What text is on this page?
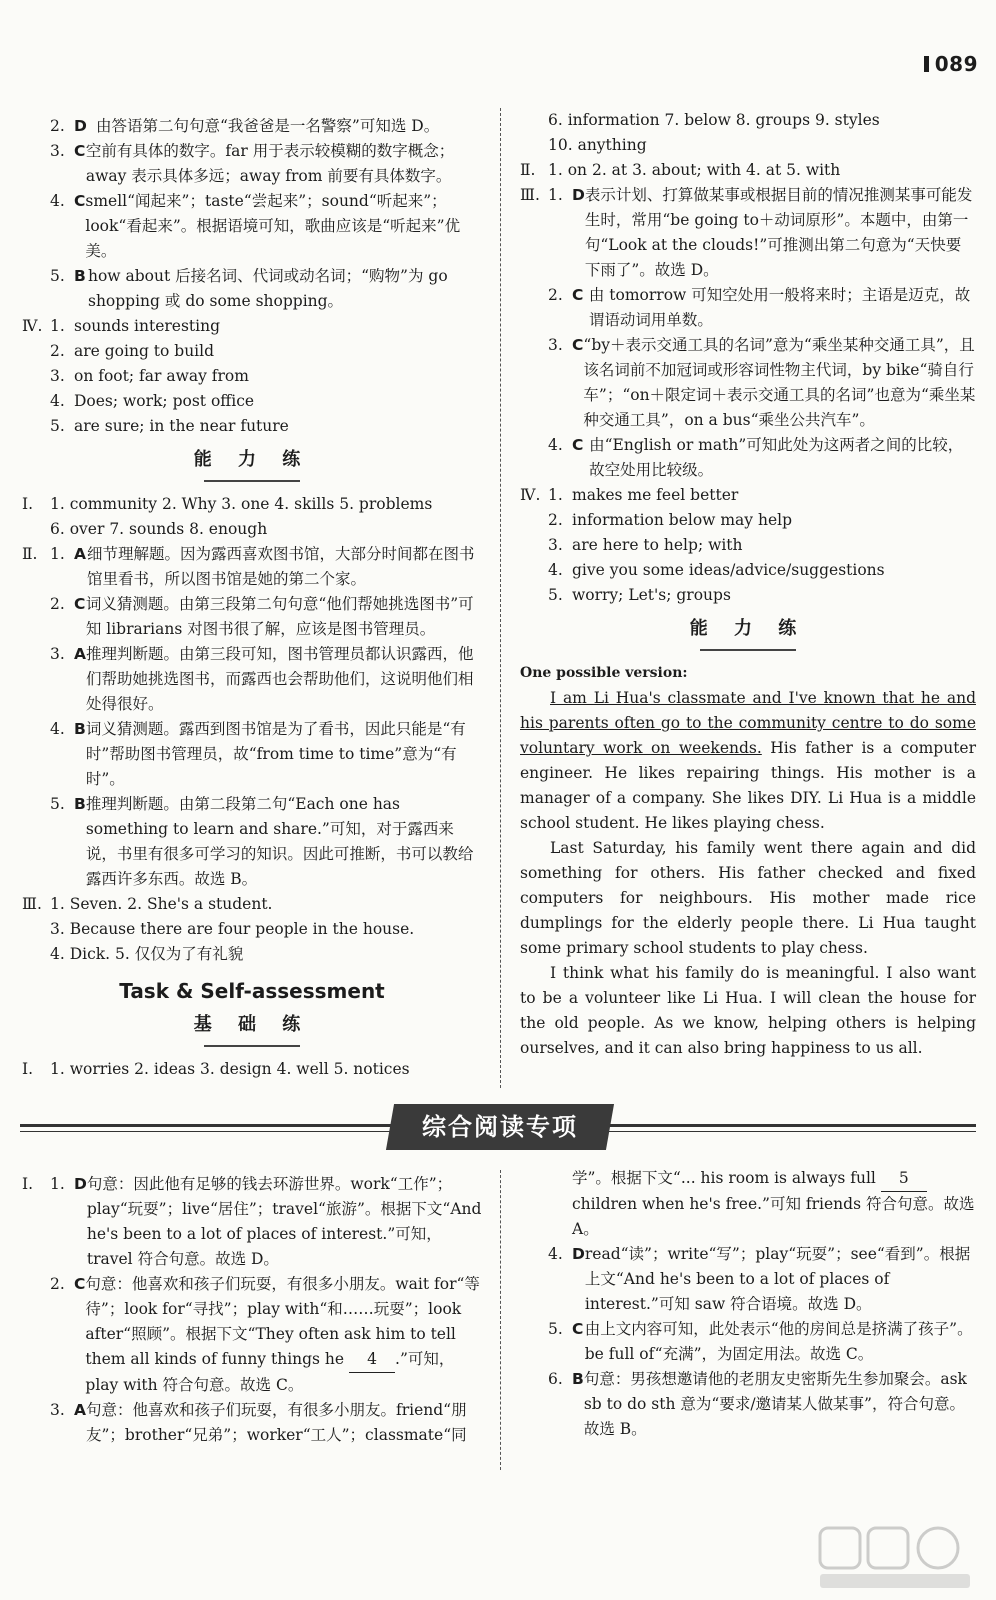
089
2. D 由答语第二句句意“我爸爸是一名警察”可知选 D。
3. C 空前有具体的数字。far 用于表示较模糊的数字概念；away 表示具体多远；away from 前要有具体数字。
4. C smell“闻起来”；taste“尝起来”；sound“听起来”；look“看起来”。根据语境可知，歌曲应该是“听起来”优美。
5. B how about 后接名词、代词或动名词；“购物”为 go shopping 或 do some shopping。
Ⅳ. 1. sounds interesting
2. are going to build
3. on foot; far away from
4. Does; work; post office
5. are sure; in the near future
能 力 练
Ⅰ.	1. community 2. Why 3. one 4. skills 5. problems
6. over 7. sounds 8. enough
Ⅱ. 1. A 细节理解题。因为露西喜欢图书馆，大部分时间都在图书馆里看书，所以图书馆是她的第二个家。
2. C 词义猜测题。由第三段第二句句意“他们帮她挑选图书”可知 librarians 对图书很了解，应该是图书管理员。
3. A 推理判断题。由第三段可知，图书管理员都认识露西，他们帮助她挑选图书，而露西也会帮助他们，这说明他们相处得很好。
4. B 词义猜测题。露西到图书馆是为了看书，因此只能是“有时”帮助图书管理员，故“from time to time”意为“有时”。
5. B 推理判断题。由第二段第二句“Each one has something to learn and share.”可知，对于露西来说，书里有很多可学习的知识。因此可推断，书可以教给露西许多东西。故选 B。
Ⅲ. 1. Seven. 2. She's a student.
3. Because there are four people in the house.
4. Dick. 5. 仅仅为了有礼貌
Task & Self-assessment
基 础 练
Ⅰ.	1. worries 2. ideas 3. design 4. well 5. notices
6. information 7. below 8. groups 9. styles
10. anything
Ⅱ. 1. on 2. at 3. about; with 4. at 5. with
Ⅲ. 1. D 表示计划、打算做某事或根据目前的情况推测某事可能发生时，常用“be going to＋动词原形”。本题中，由第一句“Look at the clouds!”可推测出第二句意为“天快要下雨了”。故选 D。
2. C 由 tomorrow 可知空处用一般将来时；主语是迈克，故谓语动词用单数。
3. C “by＋表示交通工具的名词”意为“乘坐某种交通工具”，且该名词前不加冠词或形容词性物主代词，by bike“骑自行车”；“on＋限定词＋表示交通工具的名词”也意为“乘坐某种交通工具”，on a bus“乘坐公共汽车”。
4. C 由“English or math”可知此处为这两者之间的比较，故空处用比较级。
Ⅳ. 1. makes me feel better
2. information below may help
3. are here to help; with
4. give you some ideas/advice/suggestions
5. worry; Let's; groups
能 力 练
One possible version:

I am Li Hua's classmate and I've known that he and his parents often go to the community centre to do some voluntary work on weekends. His father is a computer engineer. He likes repairing things. His mother is a manager of a company. She likes DIY. Li Hua is a middle school student. He likes playing chess.

Last Saturday, his family went there again and did something for others. His father checked and fixed computers for neighbours. His mother made rice dumplings for the elderly people there. Li Hua taught some primary school students to play chess.

I think what his family do is meaningful. I also want to be a volunteer like Li Hua. I will clean the house for the old people. As we know, helping others is helping ourselves, and it can also bring happiness to us all.

综合阅读专项
Ⅰ.	1. D 句意：因此他有足够的钱去环游世界。work“工作”；play“玩耍”；live“居住”；travel“旅游”。根据下文“And he's been to a lot of places of interest.”可知，travel 符合句意。故选 D。
2. C 句意：他喜欢和孩子们玩耍，有很多小朋友。wait for“等待”；look for“寻找”；play with“和……玩耍”；look after“照顾”。根据下文“They often ask him to tell them all kinds of funny things he 4 .”可知，play with 符合句意。故选 C。
3. A 句意：他喜欢和孩子们玩耍，有很多小朋友。friend“朋友”；brother“兄弟”；worker“工人”；classmate“同
学”。根据下文“... his room is always full 5 children when he's free.”可知 friends 符合句意。故选 A。
4. D read“读”；write“写”；play“玩耍”；see“看到”。根据上文“And he's been to a lot of places of interest.”可知 saw 符合语境。故选 D。
5. C 由上文内容可知，此处表示“他的房间总是挤满了孩子”。be full of“充满”，为固定用法。故选 C。
6. B 句意：男孩想邀请他的老朋友史密斯先生参加聚会。ask sb to do sth 意为“要求/邀请某人做某事”，符合句意。故选 B。
